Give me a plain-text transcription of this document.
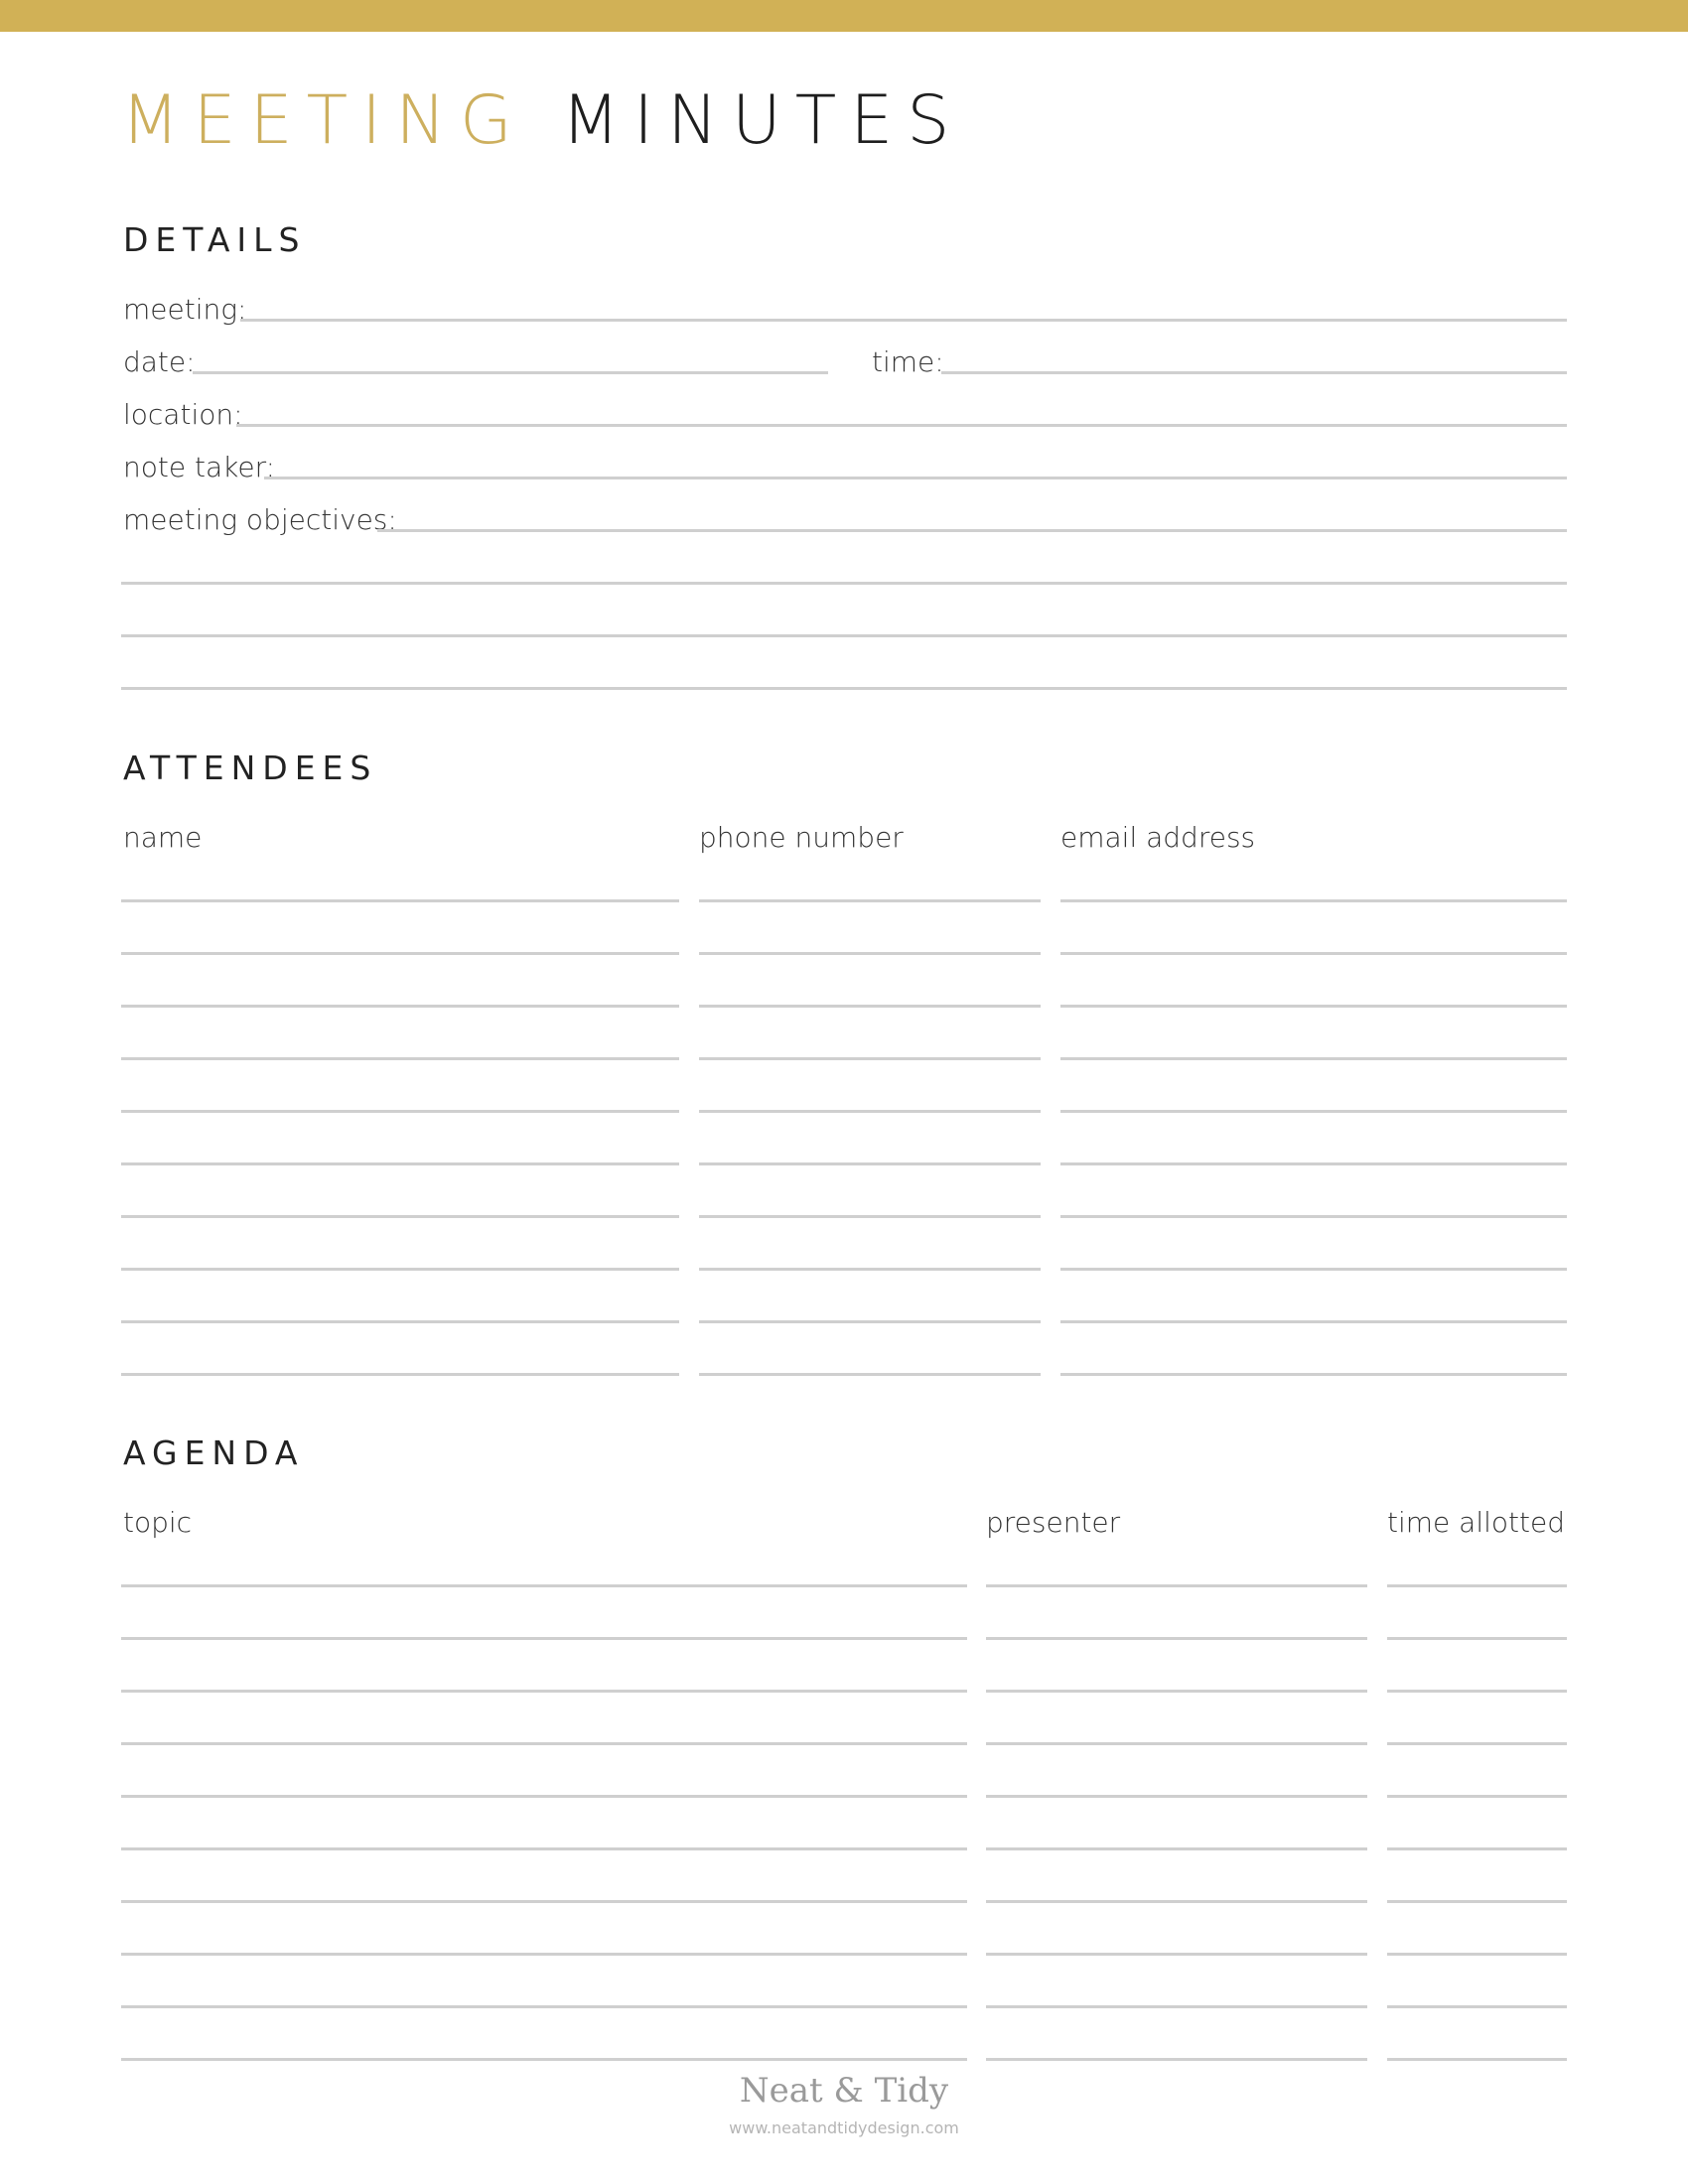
MEETING MINUTES
DETAILS
meeting:
date:	time:
location:
note taker:
meeting objectives:
ATTENDEES
name	phone number	email address
AGENDA
topic	presenter	time allotted
Neat & Tidy
www.neatandtidydesign.com
